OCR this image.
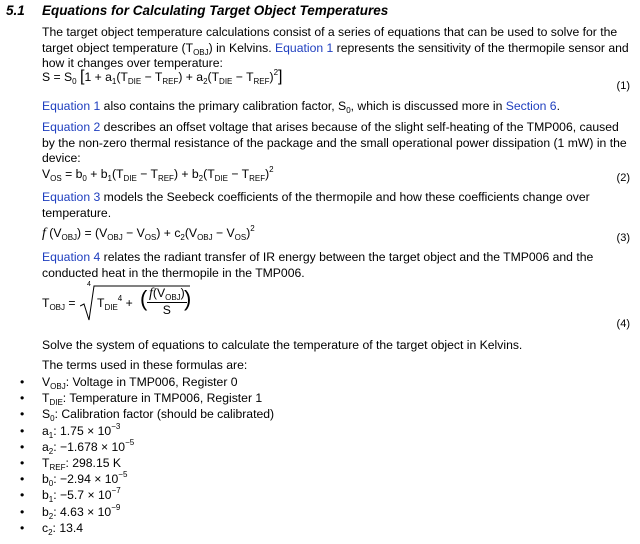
5.1 Equations for Calculating Target Object Temperatures
The target object temperature calculations consist of a series of equations that can be used to solve for the target object temperature $(T_{OBJ})$ in Kelvins. Equation 1 represents the sensitivity of the thermopile sensor and how it changes over temperature:
$S = S_0$ $[1 + a_1(T_{DIE} - T_{REF}) + a_2(T_{DIE} - T_{REF})^2]$
(1)
Equation 1 also contains the primary calibration factor, $S_0$, which is discussed more in Section 6.
Equation 2 describes an offset voltage that arises because of the slight self-heating of the TMP006, caused by the non-zero thermal resistance of the package and the small operational power dissipation (1 mW) in the device:
$V_{OS} = b_0 + b_1(T_{DIE} - T_{REF}) + b_2(T_{DIE} - T_{REF})^2$
(2)
Equation 3 models the Seebeck coefficients of the thermopile and how these coefficients change over temperature.
f $(V_{OBJ}) = (V_{OBJ} - V_{OS}) + c_2(V_{OBJ} - V_{OS})^2$
(3)
Equation 4 relates the radiant transfer of IR energy between the target object and the TMP006 and the conducted heat in the thermopile in the TMP006.
$T_{OBJ}$ =
4
$T_{DIE}^4$ + ( $\frac{f(V_{OBJ})}{S}$
)
(4)
Solve the system of equations to calculate the temperature of the target object in Kelvins.
The terms used in these formulas are:
• $V_{OBJ}$: Voltage in TMP006, Register 0
• $T_{DIE}$: Temperature in TMP006, Register 1
• $S_0$: Calibration factor (should be calibrated)
• $a_1$: $1.75 \times 10^{-3}$
• $a_2$: $-1.678 \times 10^{-5}$
• $T_{REF}$: 298.15 K
• $b_0$: $-2.94 \times 10^{-5}$
• $b_1$: $-5.7 \times 10^{-7}$
• $b_2$: $4.63 \times 10^{-9}$
• $c_2$: 13.4
